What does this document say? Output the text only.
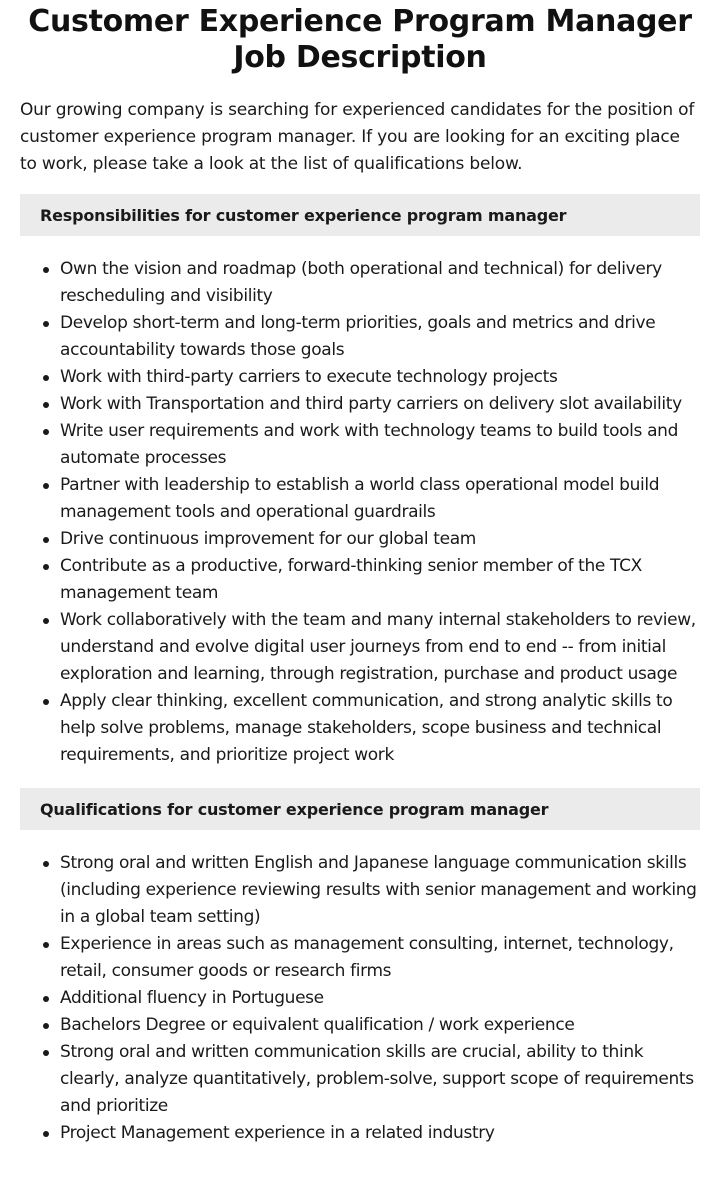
Customer Experience Program Manager Job Description

Our growing company is searching for experienced candidates for the position of customer experience program manager. If you are looking for an exciting place to work, please take a look at the list of qualifications below.

Responsibilities for customer experience program manager
Own the vision and roadmap (both operational and technical) for delivery rescheduling and visibility
Develop short-term and long-term priorities, goals and metrics and drive accountability towards those goals
Work with third-party carriers to execute technology projects
Work with Transportation and third party carriers on delivery slot availability
Write user requirements and work with technology teams to build tools and automate processes
Partner with leadership to establish a world class operational model build management tools and operational guardrails
Drive continuous improvement for our global team
Contribute as a productive, forward-thinking senior member of the TCX management team
Work collaboratively with the team and many internal stakeholders to review, understand and evolve digital user journeys from end to end -- from initial exploration and learning, through registration, purchase and product usage
Apply clear thinking, excellent communication, and strong analytic skills to help solve problems, manage stakeholders, scope business and technical requirements, and prioritize project work
Qualifications for customer experience program manager
Strong oral and written English and Japanese language communication skills (including experience reviewing results with senior management and working in a global team setting)
Experience in areas such as management consulting, internet, technology, retail, consumer goods or research firms
Additional fluency in Portuguese
Bachelors Degree or equivalent qualification / work experience
Strong oral and written communication skills are crucial, ability to think clearly, analyze quantitatively, problem-solve, support scope of requirements and prioritize
Project Management experience in a related industry
